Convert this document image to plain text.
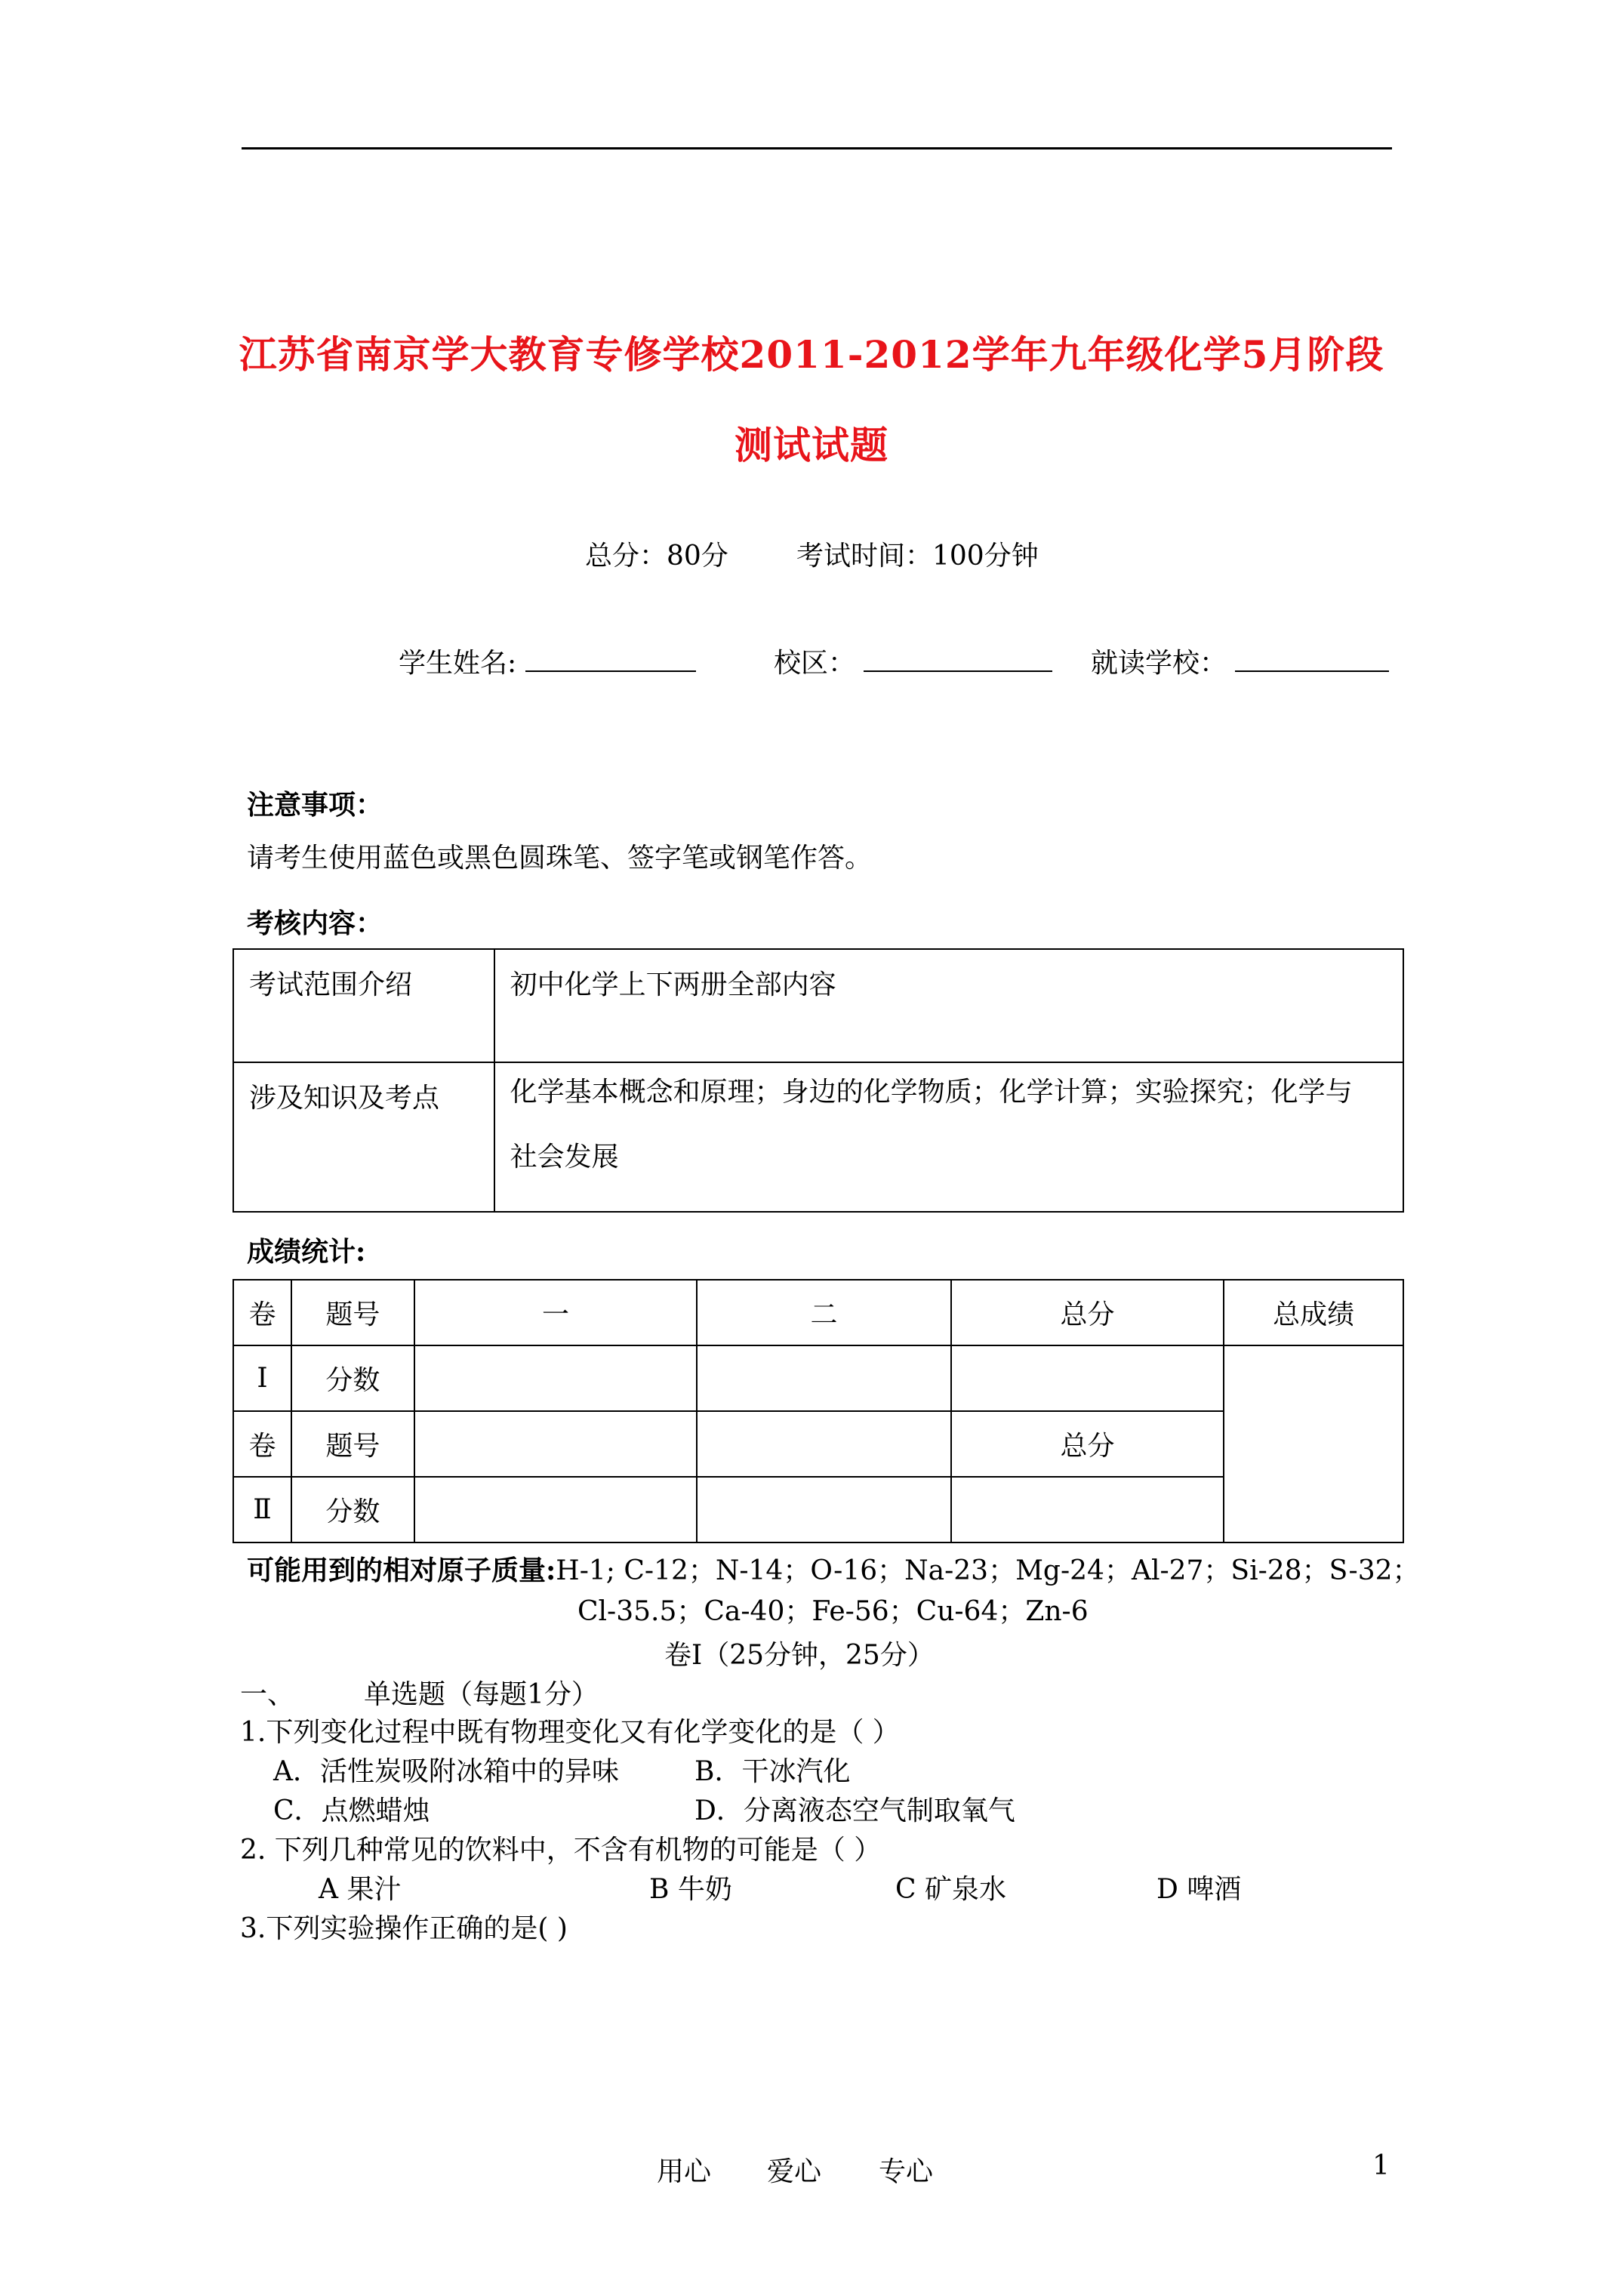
江苏省南京学大教育专修学校2011-2012学年九年级化学5月阶段
测试试题
总分：80分	考试时间：100分钟
学生姓名:	校区：	就读学校：
注意事项：
请考生使用蓝色或黑色圆珠笔、签字笔或钢笔作答。
考核内容：
考试范围介绍	初中化学上下两册全部内容
涉及知识及考点	化学基本概念和原理；身边的化学物质；化学计算；实验探究；化学与
社会发展
成绩统计:
卷	题号	一	二	总分	总成绩
Ⅰ	分数				
卷	题号			总分	
Ⅱ	分数				
可能用到的相对原子质量:H-1; C-12；N-14；O-16；Na-23；Mg-24；Al-27；Si-28；S-32；
Cl-35.5；Ca-40；Fe-56；Cu-64；Zn-6
卷Ⅰ（25分钟，25分）
一、	单选题（每题1分）
1.下列变化过程中既有物理变化又有化学变化的是（ ）
A．活性炭吸附冰箱中的异味	B．干冰汽化
C．点燃蜡烛	D．分离液态空气制取氧气
2. 下列几种常见的饮料中，不含有机物的可能是（ ）
A 果汁	B 牛奶	C 矿泉水	D 啤酒
3.下列实验操作正确的是( )
用心 爱心 专心	1
